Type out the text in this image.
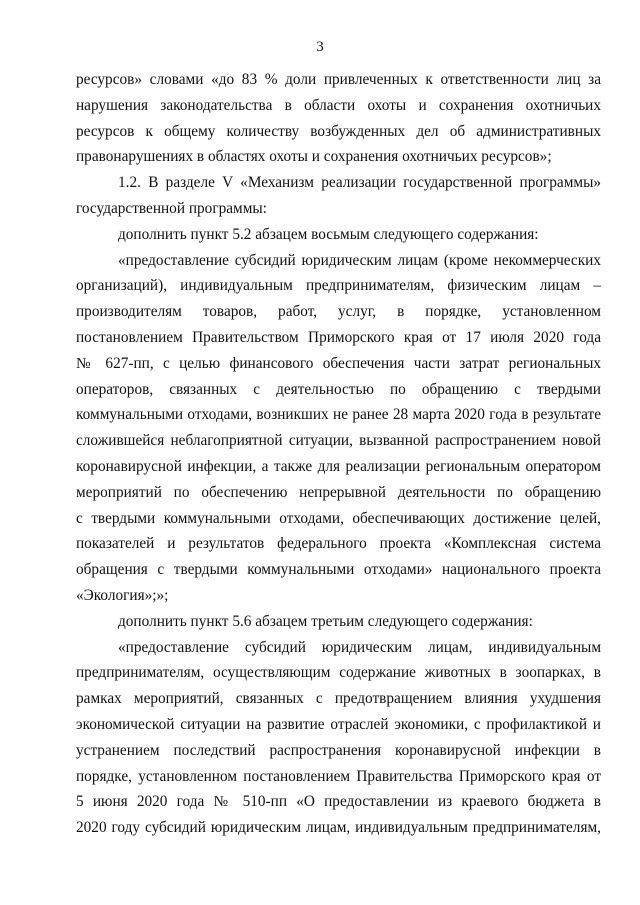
3
ресурсов» словами «до 83 % доли привлеченных к ответственности лиц за
нарушения законодательства в области охоты и сохранения охотничьих
ресурсов к общему количеству возбужденных дел об административных
правонарушениях в областях охоты и сохранения охотничьих ресурсов»;
1.2. В разделе V «Механизм реализации государственной программы»
государственной программы:
дополнить пункт 5.2 абзацем восьмым следующего содержания:
«предоставление субсидий юридическим лицам (кроме некоммерческих
организаций), индивидуальным предпринимателям, физическим лицам –
производителям товаров, работ, услуг, в порядке, установленном
постановлением Правительством Приморского края от 17 июля 2020 года
№ 627-пп, с целью финансового обеспечения части затрат региональных
операторов, связанных с деятельностью по обращению с твердыми
коммунальными отходами, возникших не ранее 28 марта 2020 года в результате
сложившейся неблагоприятной ситуации, вызванной распространением новой
коронавирусной инфекции, а также для реализации региональным оператором
мероприятий по обеспечению непрерывной деятельности по обращению
с твердыми коммунальными отходами, обеспечивающих достижение целей,
показателей и результатов федерального проекта «Комплексная система
обращения с твердыми коммунальными отходами» национального проекта
«Экология»;»;
дополнить пункт 5.6 абзацем третьим следующего содержания:
«предоставление субсидий юридическим лицам, индивидуальным
предпринимателям, осуществляющим содержание животных в зоопарках, в
рамках мероприятий, связанных с предотвращением влияния ухудшения
экономической ситуации на развитие отраслей экономики, с профилактикой и
устранением последствий распространения коронавирусной инфекции в
порядке, установленном постановлением Правительства Приморского края от
5 июня 2020 года № 510-пп «О предоставлении из краевого бюджета в
2020 году субсидий юридическим лицам, индивидуальным предпринимателям,
